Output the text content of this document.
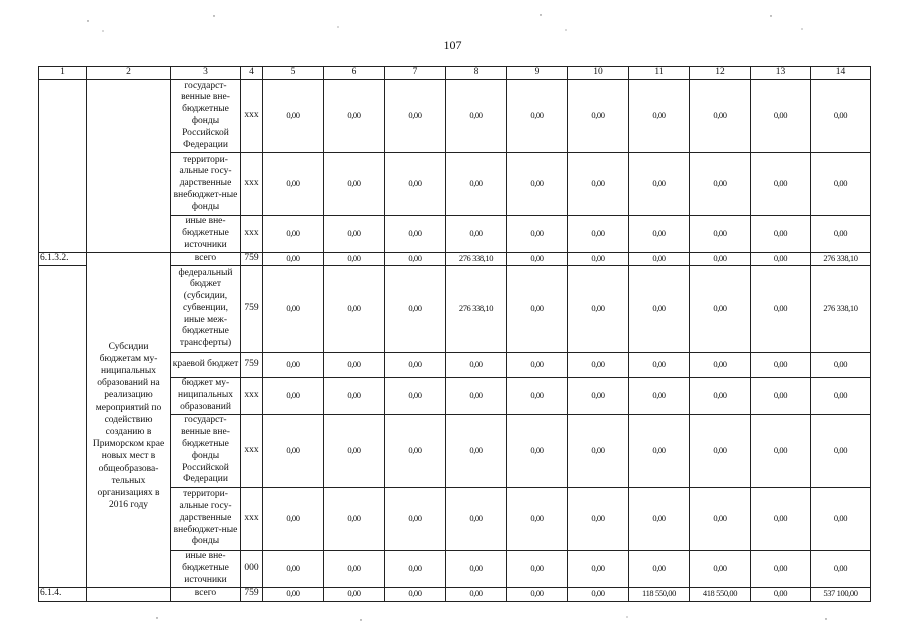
107
1	2	3	4	5	6	7	8	9	10	11	12	13	14
		государст-венные вне-бюджетные фонды Российской Федерации	ххх	0,00	0,00	0,00	0,00	0,00	0,00	0,00	0,00	0,00	0,00
		территори-альные госу-дарственные внебюджет-ные фонды	ххх	0,00	0,00	0,00	0,00	0,00	0,00	0,00	0,00	0,00	0,00
		иные вне-бюджетные источники	ххх	0,00	0,00	0,00	0,00	0,00	0,00	0,00	0,00	0,00	0,00
6.1.3.2.		всего	759	0,00	0,00	0,00	276 338,10	0,00	0,00	0,00	0,00	0,00	276 338,10
	Субсидии бюджетам му-ниципальных образований на реализацию мероприятий по содействию созданию в Приморском крае новых мест в общеобразова-тельных организациях в 2016 году	федеральный бюджет (субсидии, субвенции, иные меж-бюджетные трансферты)	759	0,00	0,00	0,00	276 338,10	0,00	0,00	0,00	0,00	0,00	276 338,10
		краевой бюджет	759	0,00	0,00	0,00	0,00	0,00	0,00	0,00	0,00	0,00	0,00
		бюджет му-ниципальных образований	ххх	0,00	0,00	0,00	0,00	0,00	0,00	0,00	0,00	0,00	0,00
		государст-венные вне-бюджетные фонды Российской Федерации	ххх	0,00	0,00	0,00	0,00	0,00	0,00	0,00	0,00	0,00	0,00
		территори-альные госу-дарственные внебюджет-ные фонды	ххх	0,00	0,00	0,00	0,00	0,00	0,00	0,00	0,00	0,00	0,00
		иные вне-бюджетные источники	000	0,00	0,00	0,00	0,00	0,00	0,00	0,00	0,00	0,00	0,00
6.1.4.		всего	759	0,00	0,00	0,00	0,00	0,00	0,00	118 550,00	418 550,00	0,00	537 100,00
